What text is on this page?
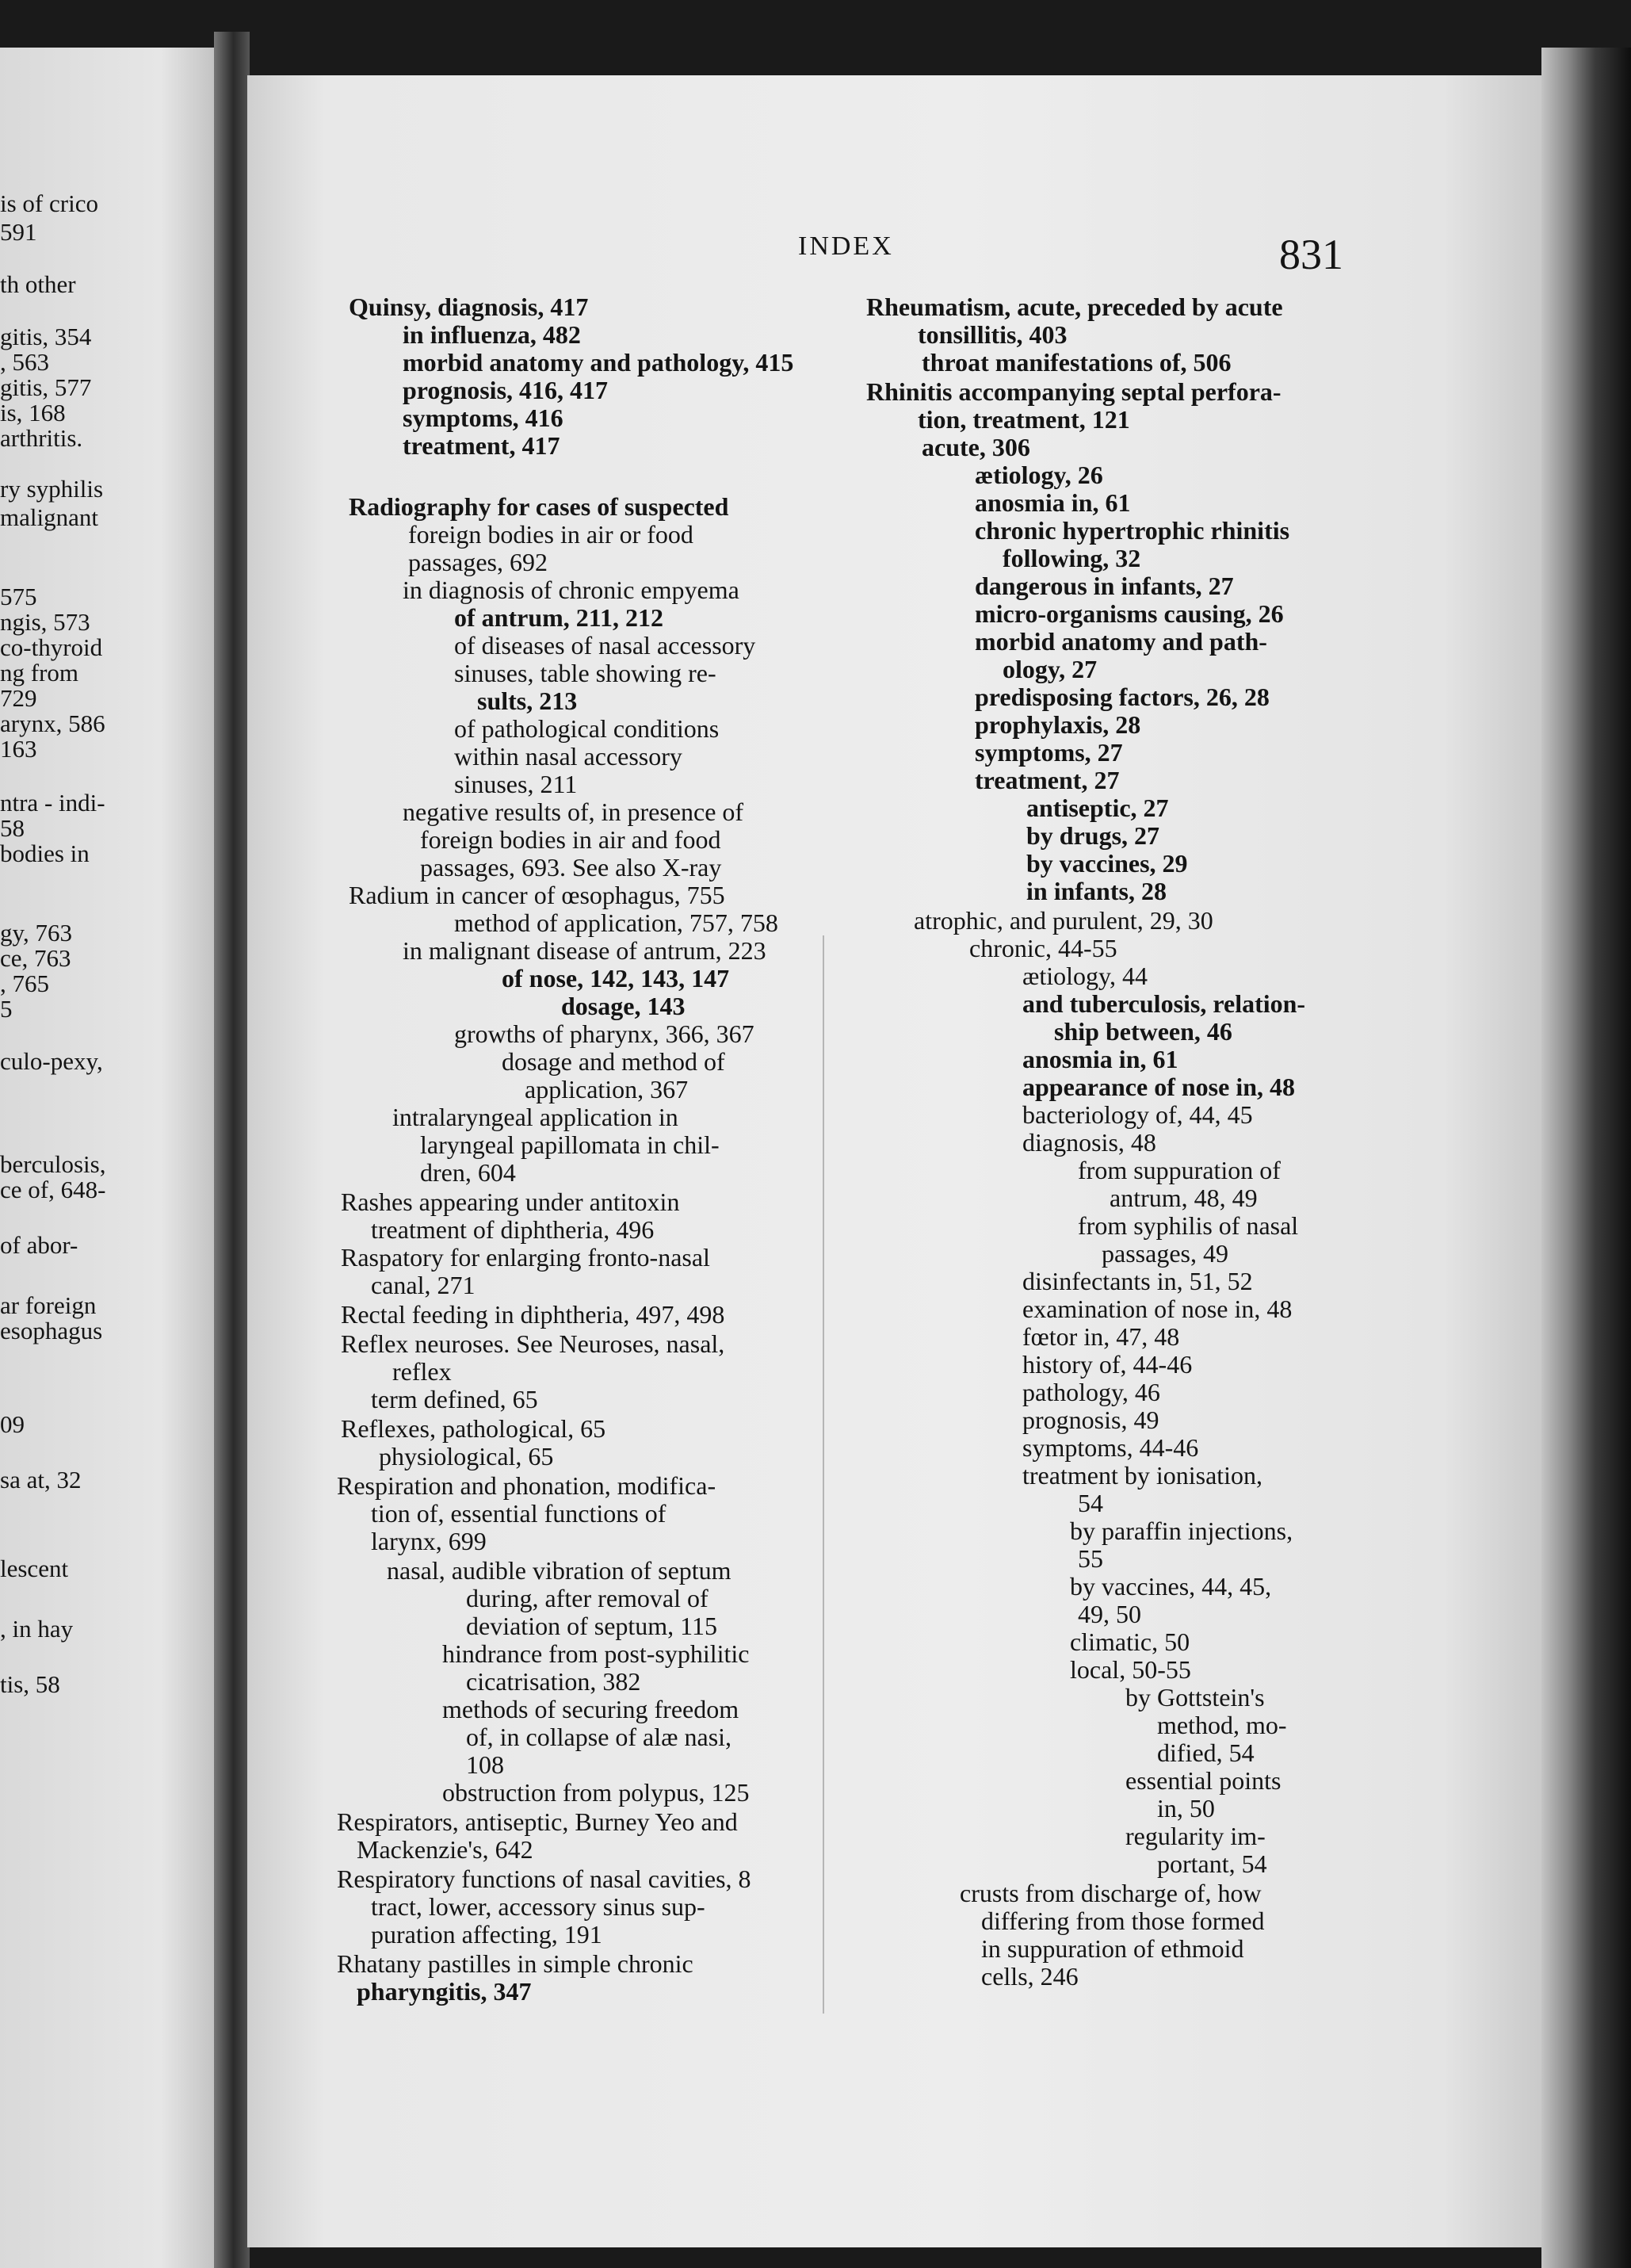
is of crico
591
th other
gitis, 354
, 563
gitis, 577
is, 168
arthritis.
ry syphilis
malignant
575
ngis, 573
co-thyroid
ng from
729
arynx, 586
163
ntra - indi-
58
bodies in
gy, 763
ce, 763
, 765
5
culo-pexy,
berculosis,
ce of, 648-
of abor-
ar foreign
esophagus
09
sa at, 32
lescent
, in hay
tis, 58
INDEX	831
Quinsy, diagnosis, 417
in influenza, 482
morbid anatomy and pathology, 415
prognosis, 416, 417
symptoms, 416
treatment, 417
Radiography for cases of suspected
foreign bodies in air or food
passages, 692
in diagnosis of chronic empyema
of antrum, 211, 212
of diseases of nasal accessory
sinuses, table showing re-
sults, 213
of pathological conditions
within nasal accessory
sinuses, 211
negative results of, in presence of
foreign bodies in air and food
passages, 693. See also X-ray
Radium in cancer of œsophagus, 755
method of application, 757, 758
in malignant disease of antrum, 223
of nose, 142, 143, 147
dosage, 143
growths of pharynx, 366, 367
dosage and method of
application, 367
intralaryngeal application in
laryngeal papillomata in chil-
dren, 604
Rashes appearing under antitoxin
treatment of diphtheria, 496
Raspatory for enlarging fronto-nasal
canal, 271
Rectal feeding in diphtheria, 497, 498
Reflex neuroses. See Neuroses, nasal,
reflex
term defined, 65
Reflexes, pathological, 65
physiological, 65
Respiration and phonation, modifica-
tion of, essential functions of
larynx, 699
nasal, audible vibration of septum
during, after removal of
deviation of septum, 115
hindrance from post-syphilitic
cicatrisation, 382
methods of securing freedom
of, in collapse of alæ nasi,
108
obstruction from polypus, 125
Respirators, antiseptic, Burney Yeo and
Mackenzie's, 642
Respiratory functions of nasal cavities, 8
tract, lower, accessory sinus sup-
puration affecting, 191
Rhatany pastilles in simple chronic
pharyngitis, 347
Rheumatism, acute, preceded by acute
tonsillitis, 403
throat manifestations of, 506
Rhinitis accompanying septal perfora-
tion, treatment, 121
acute, 306
ætiology, 26
anosmia in, 61
chronic hypertrophic rhinitis
following, 32
dangerous in infants, 27
micro-organisms causing, 26
morbid anatomy and path-
ology, 27
predisposing factors, 26, 28
prophylaxis, 28
symptoms, 27
treatment, 27
antiseptic, 27
by drugs, 27
by vaccines, 29
in infants, 28
atrophic, and purulent, 29, 30
chronic, 44-55
ætiology, 44
and tuberculosis, relation-
ship between, 46
anosmia in, 61
appearance of nose in, 48
bacteriology of, 44, 45
diagnosis, 48
from suppuration of
antrum, 48, 49
from syphilis of nasal
passages, 49
disinfectants in, 51, 52
examination of nose in, 48
fœtor in, 47, 48
history of, 44-46
pathology, 46
prognosis, 49
symptoms, 44-46
treatment by ionisation,
54
by paraffin injections,
55
by vaccines, 44, 45,
49, 50
climatic, 50
local, 50-55
by Gottstein's
method, mo-
dified, 54
essential points
in, 50
regularity im-
portant, 54
crusts from discharge of, how
differing from those formed
in suppuration of ethmoid
cells, 246
